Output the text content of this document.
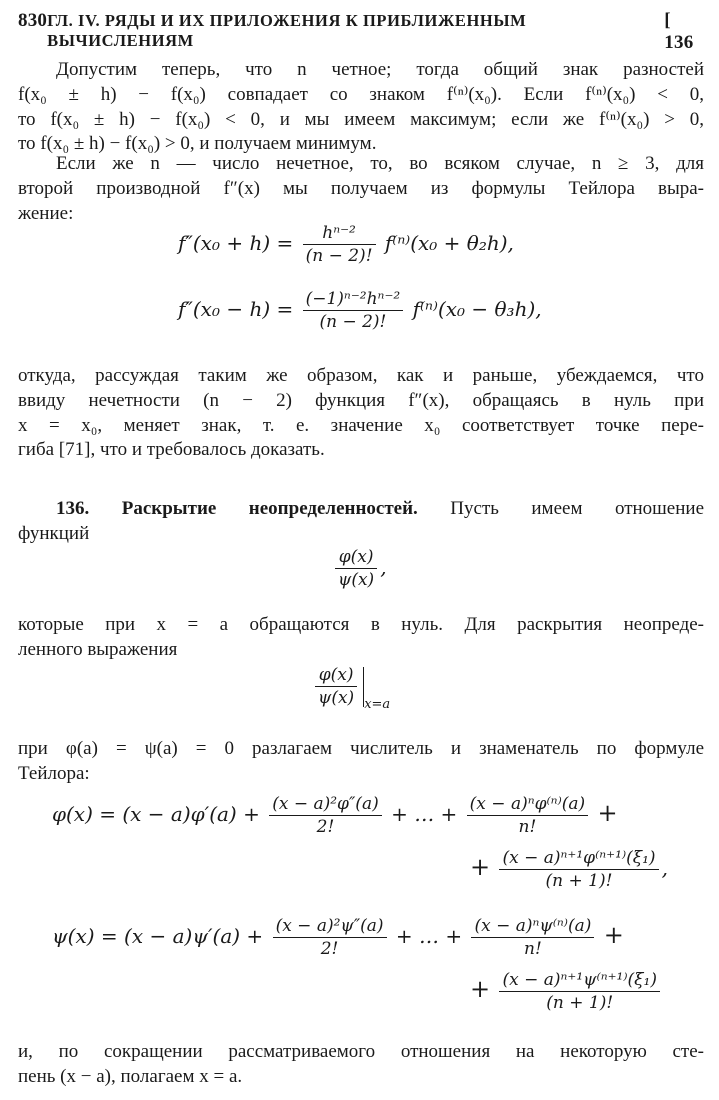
830 ГЛ. IV. РЯДЫ И ИХ ПРИЛОЖЕНИЯ К ПРИБЛИЖЕННЫМ ВЫЧИСЛЕНИЯМ
[ 136
Допустим теперь, что n четное; тогда общий знак разностей
f(x₀ ± h) − f(x₀) совпадает со знаком f⁽ⁿ⁾(x₀). Если f⁽ⁿ⁾(x₀) < 0,
то f(x₀ ± h) − f(x₀) < 0, и мы имеем максимум; если же f⁽ⁿ⁾(x₀) > 0,
то f(x₀ ± h) − f(x₀) > 0, и получаем минимум.
Если же n — число нечетное, то, во всяком случае, n ≥ 3, для
второй производной f″(x) мы получаем из формулы Тейлора выра-
жение:
$f''(x_0 + h) = \frac{\text{hⁿ⁻²}}{(n - 2)!} f^{(n)}(x_0 + \theta_2h)$,
$f''(x_0 - h) = \frac{\text{(−1)ⁿ⁻²hⁿ⁻²}}{(n - 2)!} f^{(n)}(x_0 - \theta_3h)$,
откуда, рассуждая таким же образом, как и раньше, убеждаемся, что
ввиду нечетности (n − 2) функция f″(x), обращаясь в нуль при
x = x₀, меняет знак, т. е. значение x₀ соответствует точке пере-
гиба [71], что и требовалось доказать.
136. Раскрытие неопределенностей. Пусть имеем отношение
функций
$\frac{\varphi(x)}{\psi(x)}$ ,
которые при x = a обращаются в нуль. Для раскрытия неопреде-
ленного выражения
$\frac{\varphi(x)}{\psi(x)} _{x=a}$
при φ(a) = ψ(a) = 0 разлагаем числитель и знаменатель по формуле
Тейлора:
$\varphi(x) = (x - a)\varphi'(a) + \frac{\text{(x − a)²φ″(a)}}{2!}$ + … + $\frac{\text{(x − a)ⁿφ⁽ⁿ⁾(a)}}{n!}$ +
+ $\frac{\text{(x − a)ⁿ⁺¹φ⁽ⁿ⁺¹⁾(ξ₁)}}{(n + 1)!}$ ,
$\psi(x) = (x - a)\psi'(a) + \frac{\text{(x − a)²ψ″(a)}}{2!}$ + … + $\frac{\text{(x − a)ⁿψ⁽ⁿ⁾(a)}}{n!}$ +
+ $\frac{\text{(x − a)ⁿ⁺¹ψ⁽ⁿ⁺¹⁾(ξ₁)}}{(n + 1)!}$
и, по сокращении рассматриваемого отношения на некоторую сте-
пень (x − a), полагаем x = a.
